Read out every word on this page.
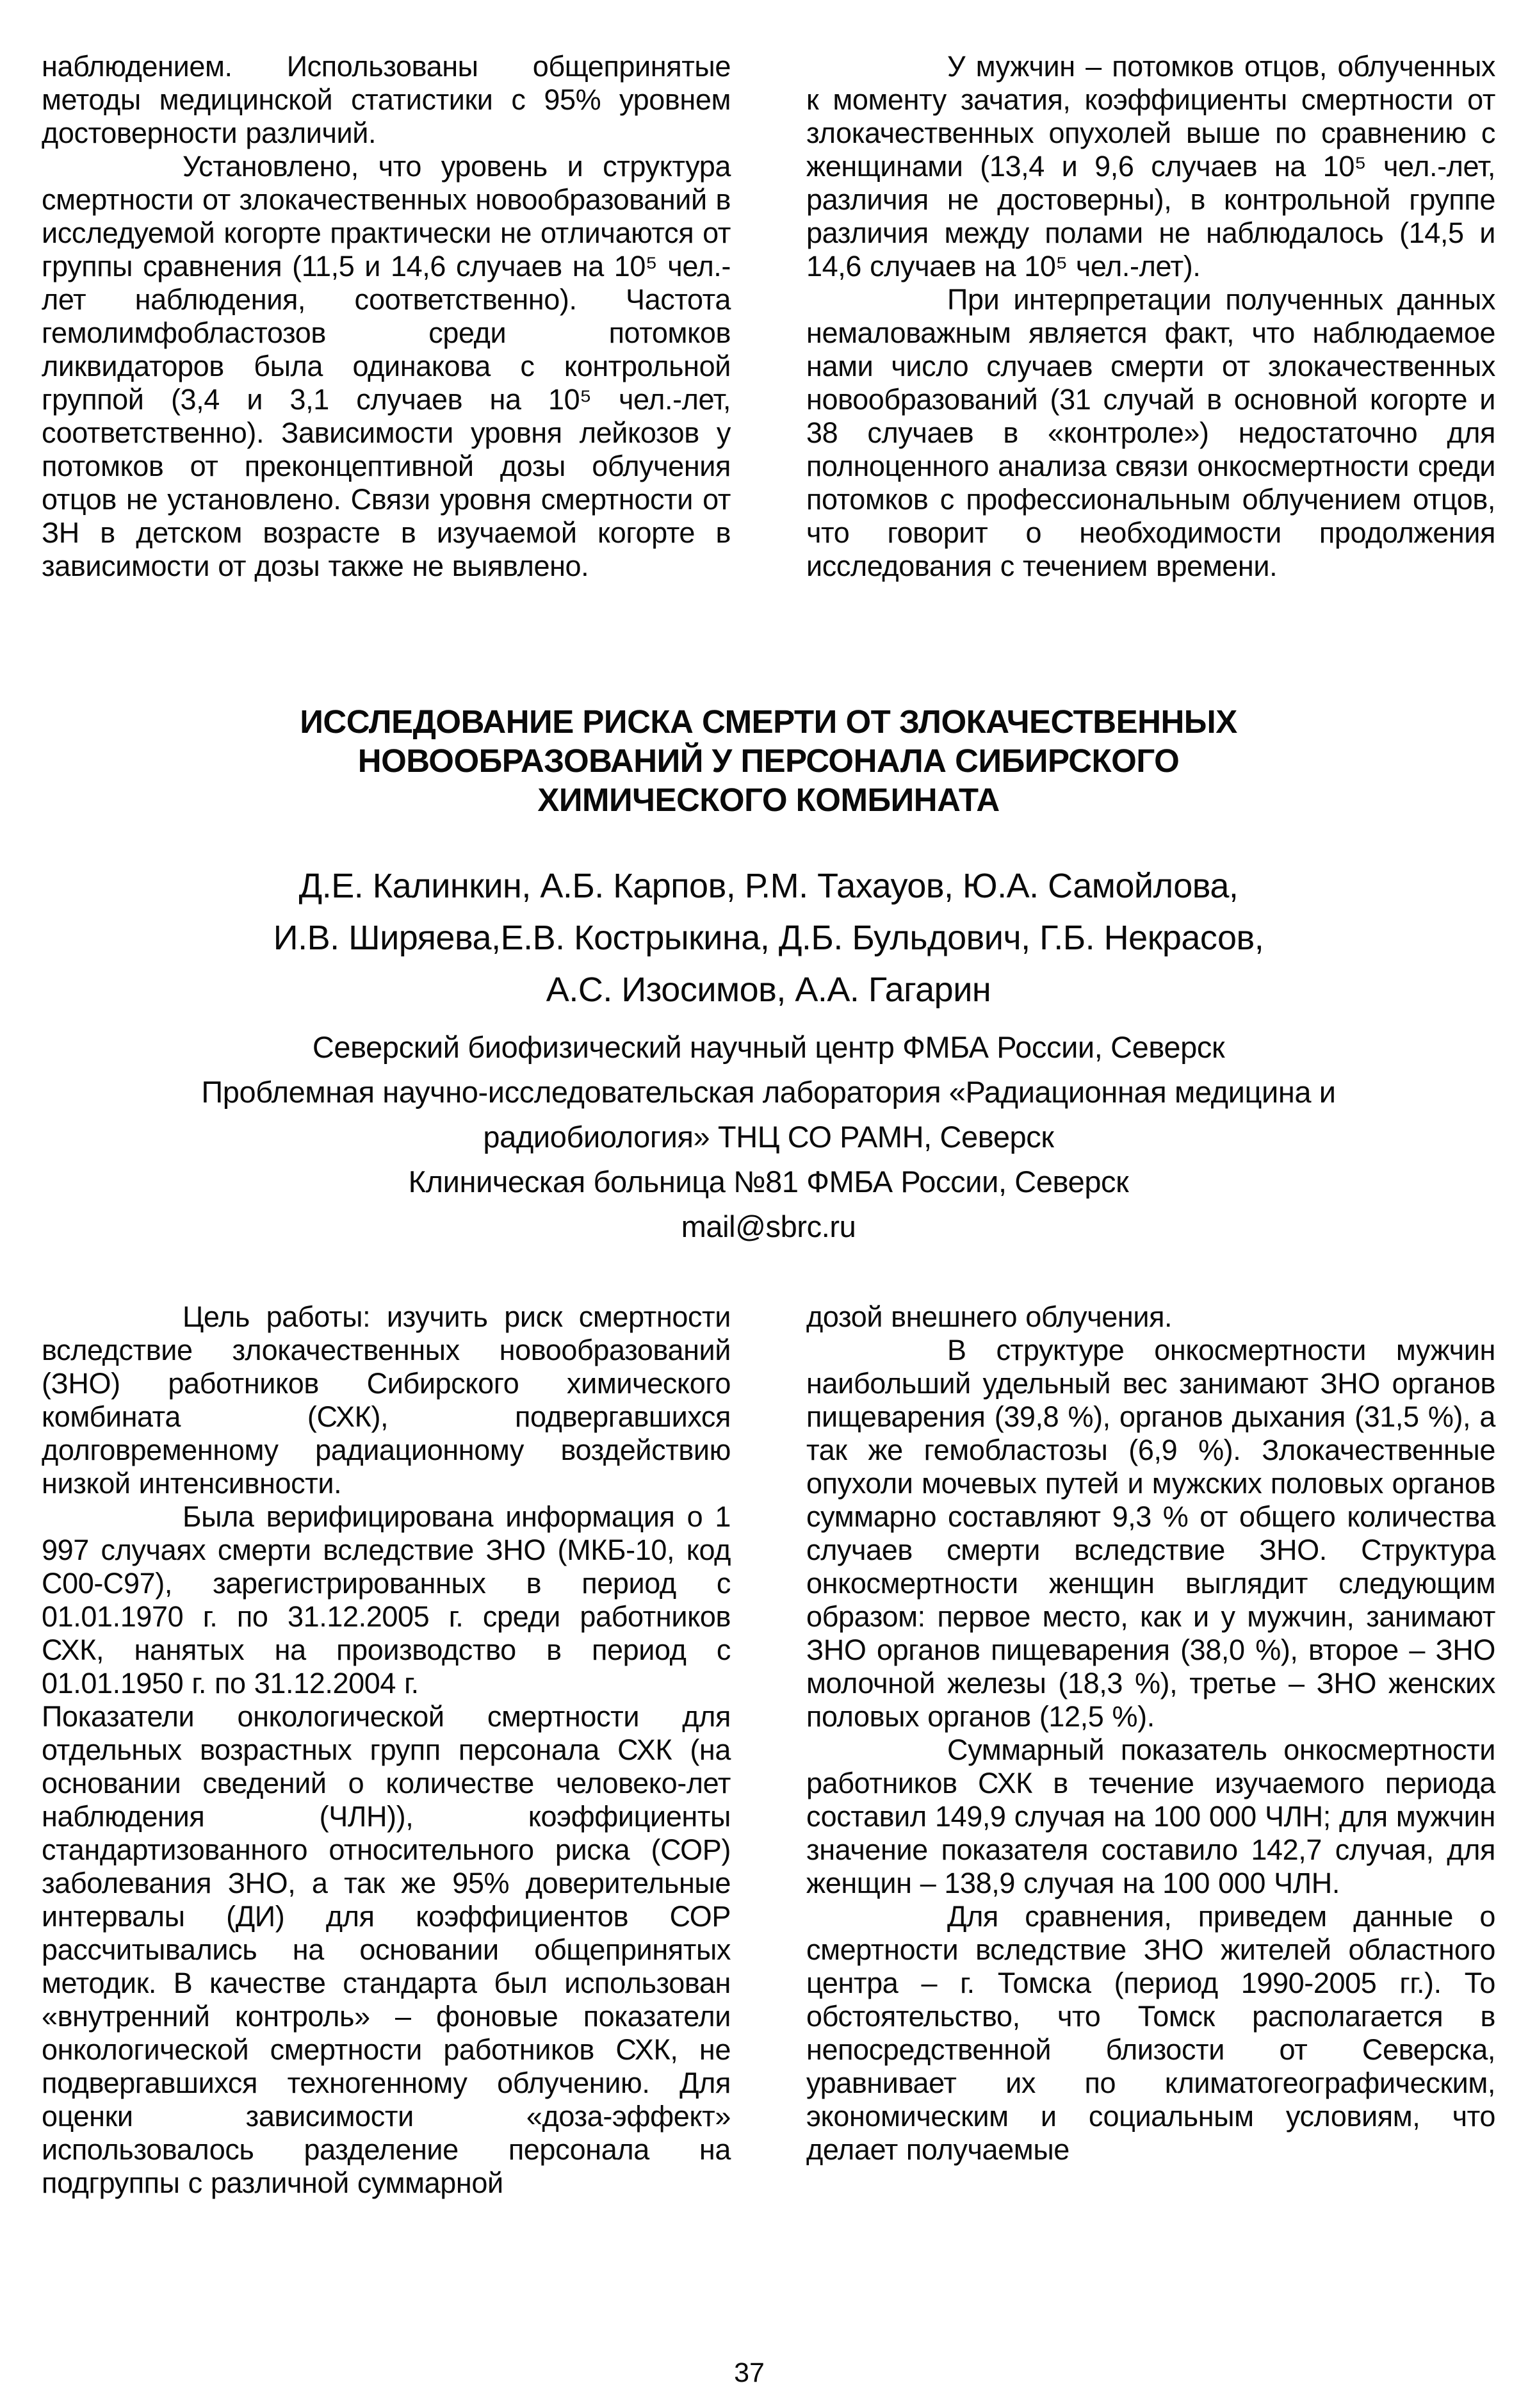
наблюдением. Использованы общепринятые методы медицинской статистики с 95% уровнем достоверности различий.

Установлено, что уровень и структура смертности от злокачественных новообразований в исследуемой когорте практически не отличаются от группы сравнения (11,5 и 14,6 случаев на 10⁵ чел.-лет наблюдения, соответственно). Частота гемолимфобластозов среди потомков ликвидаторов была одинакова с контрольной группой (3,4 и 3,1 случаев на 10⁵ чел.-лет, соответственно). Зависимости уровня лейкозов у потомков от преконцептивной дозы облучения отцов не установлено. Связи уровня смертности от ЗН в детском возрасте в изучаемой когорте в зависимости от дозы также не выявлено.

У мужчин – потомков отцов, облученных к моменту зачатия, коэффициенты смертности от злокачественных опухолей выше по сравнению с женщинами (13,4 и 9,6 случаев на 10⁵ чел.-лет, различия не достоверны), в контрольной группе различия между полами не наблюдалось (14,5 и 14,6 случаев на 10⁵ чел.-лет).

При интерпретации полученных данных немаловажным является факт, что наблюдаемое нами число случаев смерти от злокачественных новообразований (31 случай в основной когорте и 38 случаев в «контроле») недостаточно для полноценного анализа связи онкосмертности среди потомков с профессиональным облучением отцов, что говорит о необходимости продолжения исследования с течением времени.

ИССЛЕДОВАНИЕ РИСКА СМЕРТИ ОТ ЗЛОКАЧЕСТВЕННЫХ
НОВООБРАЗОВАНИЙ У ПЕРСОНАЛА СИБИРСКОГО
ХИМИЧЕСКОГО КОМБИНАТА
Д.Е. Калинкин, А.Б. Карпов, Р.М. Тахауов, Ю.А. Самойлова,
И.В. Ширяева,Е.В. Кострыкина, Д.Б. Бульдович, Г.Б. Некрасов,
А.С. Изосимов, А.А. Гагарин
Северский биофизический научный центр ФМБА России, Северск
Проблемная научно-исследовательская лаборатория «Радиационная медицина и
радиобиология» ТНЦ СО РАМН, Северск
Клиническая больница №81 ФМБА России, Северск
mail@sbrc.ru

Цель работы: изучить риск смертности вследствие злокачественных новообразований (ЗНО) работников Сибирского химического комбината (СХК), подвергавшихся долговременному радиационному воздействию низкой интенсивности.

Была верифицирована информация о 1 997 случаях смерти вследствие ЗНО (МКБ-10, код С00-С97), зарегистрированных в период с 01.01.1970 г. по 31.12.2005 г. среди работников СХК, нанятых на производство в период с 01.01.1950 г. по 31.12.2004 г.

Показатели онкологической смертности для отдельных возрастных групп персонала СХК (на основании сведений о количестве человеко-лет наблюдения (ЧЛН)), коэффициенты стандартизованного относительного риска (СОР) заболевания ЗНО, а так же 95% доверительные интервалы (ДИ) для коэффициентов СОР рассчитывались на основании общепринятых методик. В качестве стандарта был использован «внутренний контроль» – фоновые показатели онкологической смертности работников СХК, не подвергавшихся техногенному облучению. Для оценки зависимости «доза-эффект» использовалось разделение персонала на подгруппы с различной суммарной

дозой внешнего облучения.

В структуре онкосмертности мужчин наибольший удельный вес занимают ЗНО органов пищеварения (39,8 %), органов дыхания (31,5 %), а так же гемобластозы (6,9 %). Злокачественные опухоли мочевых путей и мужских половых органов суммарно составляют 9,3 % от общего количества случаев смерти вследствие ЗНО. Структура онкосмертности женщин выглядит следующим образом: первое место, как и у мужчин, занимают ЗНО органов пищеварения (38,0 %), второе – ЗНО молочной железы (18,3 %), третье – ЗНО женских половых органов (12,5 %).

Суммарный показатель онкосмертности работников СХК в течение изучаемого периода составил 149,9 случая на 100 000 ЧЛН; для мужчин значение показателя составило 142,7 случая, для женщин – 138,9 случая на 100 000 ЧЛН.

Для сравнения, приведем данные о смертности вследствие ЗНО жителей областного центра – г. Томска (период 1990-2005 гг.). То обстоятельство, что Томск располагается в непосредственной близости от Северска, уравнивает их по климатогеографическим, экономическим и социальным условиям, что делает получаемые

37
